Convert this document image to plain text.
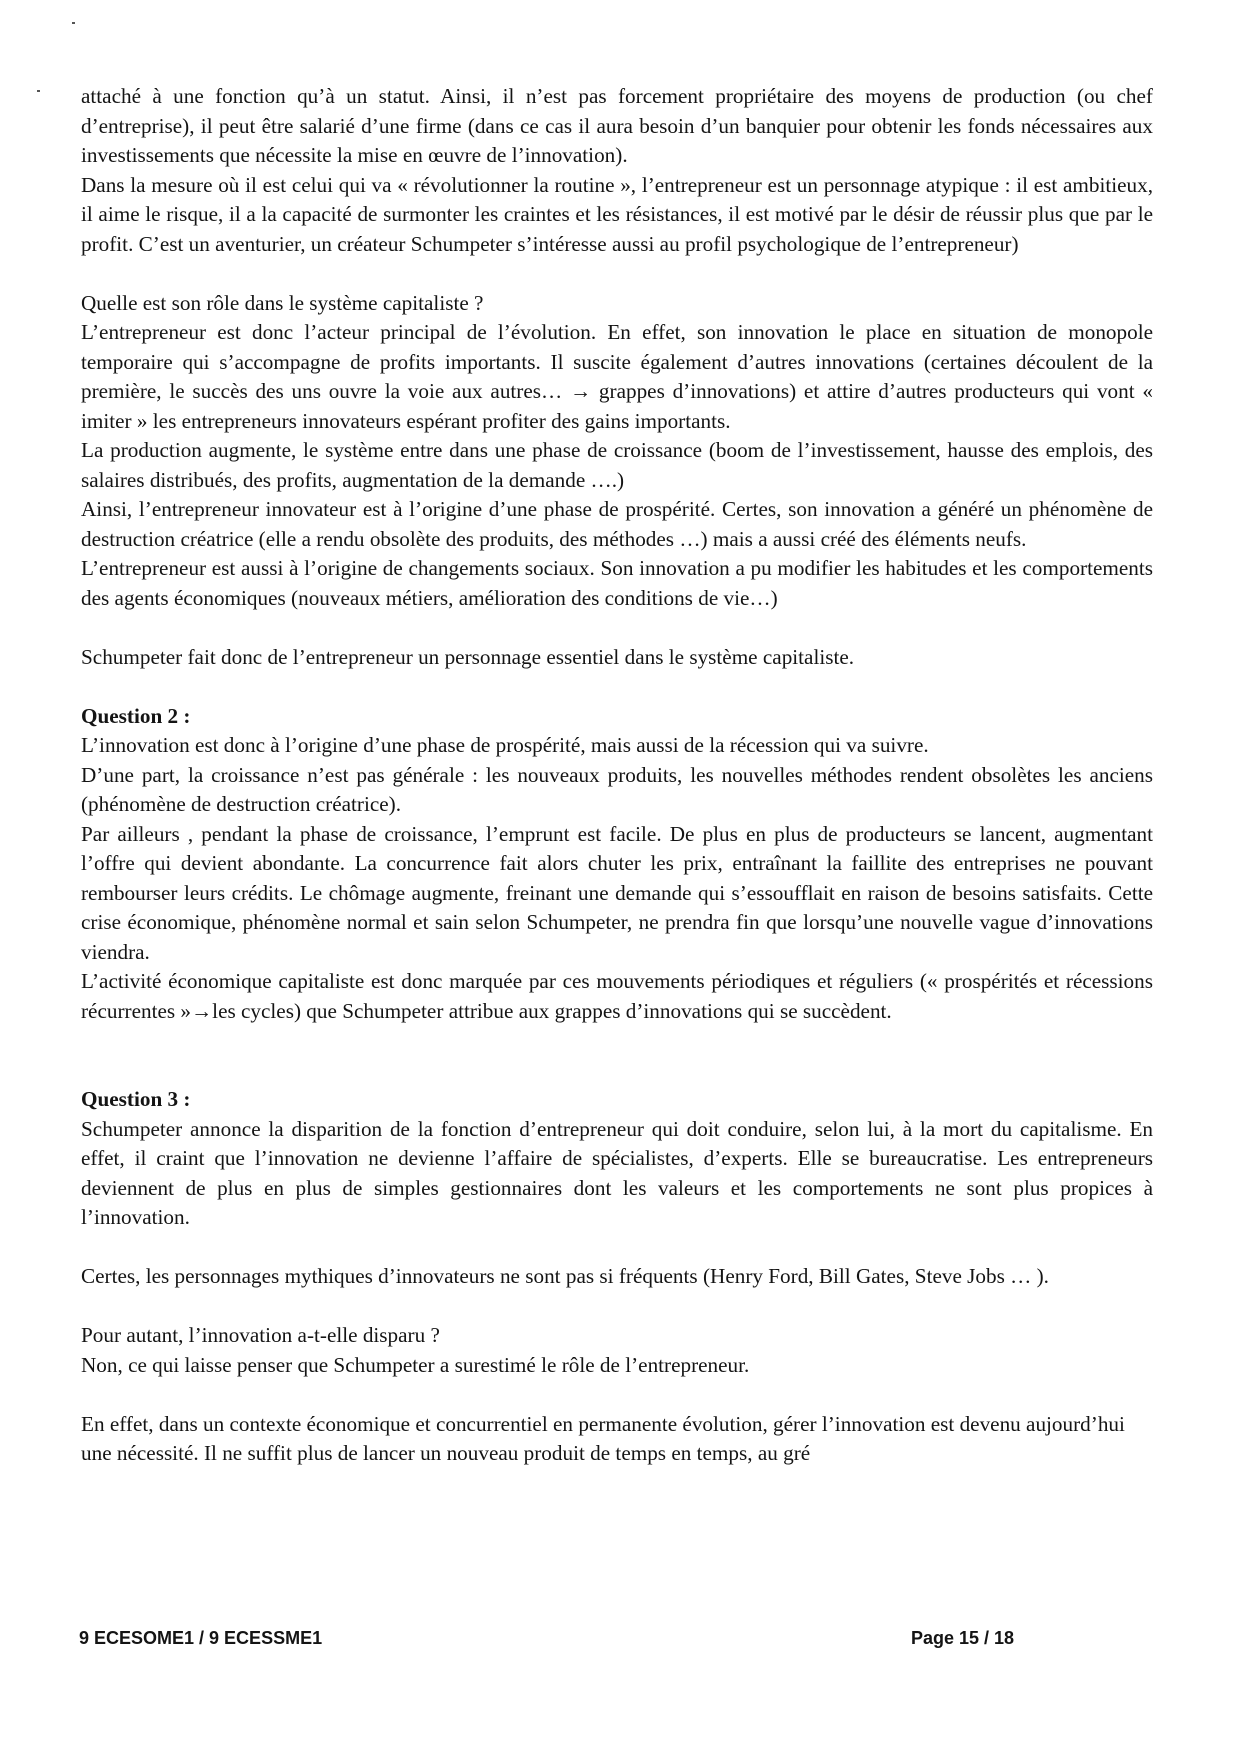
attaché à une fonction qu’à un statut. Ainsi, il n’est pas forcement propriétaire des moyens de production (ou chef d’entreprise), il peut être salarié d’une firme (dans ce cas il aura besoin d’un banquier pour obtenir les fonds nécessaires aux investissements que nécessite la mise en œuvre de l’innovation).

Dans la mesure où il est celui qui va « révolutionner la routine », l’entrepreneur est un personnage atypique : il est ambitieux, il aime le risque, il a la capacité de surmonter les craintes et les résistances, il est motivé par le désir de réussir plus que par le profit. C’est un aventurier, un créateur Schumpeter s’intéresse aussi au profil psychologique de l’entrepreneur)

Quelle est son rôle dans le système capitaliste ?

L’entrepreneur est donc l’acteur principal de l’évolution. En effet, son innovation le place en situation de monopole temporaire qui s’accompagne de profits importants. Il suscite également d’autres innovations (certaines découlent de la première, le succès des uns ouvre la voie aux autres… → grappes d’innovations) et attire d’autres producteurs qui vont « imiter » les entrepreneurs innovateurs espérant profiter des gains importants.

La production augmente, le système entre dans une phase de croissance (boom de l’investissement, hausse des emplois, des salaires distribués, des profits, augmentation de la demande ….)

Ainsi, l’entrepreneur innovateur est à l’origine d’une phase de prospérité. Certes, son innovation a généré un phénomène de destruction créatrice (elle a rendu obsolète des produits, des méthodes …) mais a aussi créé des éléments neufs.

L’entrepreneur est aussi à l’origine de changements sociaux. Son innovation a pu modifier les habitudes et les comportements des agents économiques (nouveaux métiers, amélioration des conditions de vie…)

Schumpeter fait donc de l’entrepreneur un personnage essentiel dans le système capitaliste.

Question 2 :

L’innovation est donc à l’origine d’une phase de prospérité, mais aussi de la récession qui va suivre.

D’une part, la croissance n’est pas générale : les nouveaux produits, les nouvelles méthodes rendent obsolètes les anciens (phénomène de destruction créatrice).

Par ailleurs , pendant la phase de croissance, l’emprunt est facile. De plus en plus de producteurs se lancent, augmentant l’offre qui devient abondante. La concurrence fait alors chuter les prix, entraînant la faillite des entreprises ne pouvant rembourser leurs crédits. Le chômage augmente, freinant une demande qui s’essoufflait en raison de besoins satisfaits. Cette crise économique, phénomène normal et sain selon Schumpeter, ne prendra fin que lorsqu’une nouvelle vague d’innovations viendra.

L’activité économique capitaliste est donc marquée par ces mouvements périodiques et réguliers (« prospérités et récessions récurrentes »→les cycles) que Schumpeter attribue aux grappes d’innovations qui se succèdent.

Question 3 :

Schumpeter annonce la disparition de la fonction d’entrepreneur qui doit conduire, selon lui, à la mort du capitalisme. En effet, il craint que l’innovation ne devienne l’affaire de spécialistes, d’experts. Elle se bureaucratise. Les entrepreneurs deviennent de plus en plus de simples gestionnaires dont les valeurs et les comportements ne sont plus propices à l’innovation.

Certes, les personnages mythiques d’innovateurs ne sont pas si fréquents (Henry Ford, Bill Gates, Steve Jobs … ).

Pour autant, l’innovation a-t-elle disparu ?

Non, ce qui laisse penser que Schumpeter a surestimé le rôle de l’entrepreneur.

En effet, dans un contexte économique et concurrentiel en permanente évolution, gérer l’innovation est devenu aujourd’hui une nécessité. Il ne suffit plus de lancer un nouveau produit de temps en temps, au gré

9 ECESOME1 / 9 ECESSME1	Page 15 / 18
